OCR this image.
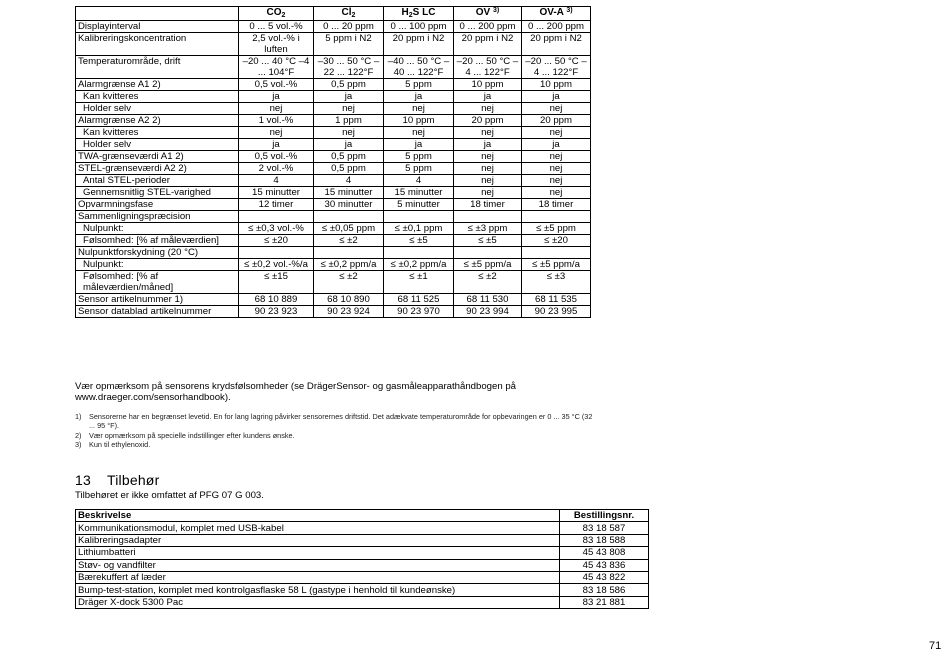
	$CO_2$	$Cl_2$	$H_2S$ LC	OV $^{3)}$	OV-A $^{3)}$
Displayinterval	0 ... 5 vol.-%	0 ... 20 ppm	0 ... 100 ppm	0 ... 200 ppm	0 ... 200 ppm
Kalibreringskoncentration	2,5 vol.-% i luften	5 ppm i N2	20 ppm i N2	20 ppm i N2	20 ppm i N2
Temperaturområde, drift	–20 ... 40 °C –4 ... 104°F	–30 ... 50 °C –22 ... 122°F	–40 ... 50 °C –40 ... 122°F	–20 ... 50 °C –4 ... 122°F	–20 ... 50 °C –4 ... 122°F
Alarmgrænse A1 2)	0,5 vol.-%	0,5 ppm	5 ppm	10 ppm	10 ppm
Kan kvitteres	ja	ja	ja	ja	ja
Holder selv	nej	nej	nej	nej	nej
Alarmgrænse A2 2)	1 vol.-%	1 ppm	10 ppm	20 ppm	20 ppm
Kan kvitteres	nej	nej	nej	nej	nej
Holder selv	ja	ja	ja	ja	ja
TWA-grænseværdi A1 2)	0,5 vol.-%	0,5 ppm	5 ppm	nej	nej
STEL-grænseværdi A2 2)	2 vol.-%	0,5 ppm	5 ppm	nej	nej
Antal STEL-perioder	4	4	4	nej	nej
Gennemsnitlig STEL-varighed	15 minutter	15 minutter	15 minutter	nej	nej
Opvarmningsfase	12 timer	30 minutter	5 minutter	18 timer	18 timer
Sammenligningspræcision					
Nulpunkt:	≤ ±0,3 vol.-%	≤ ±0,05 ppm	≤ ±0,1 ppm	≤ ±3 ppm	≤ ±5 ppm
Følsomhed: [% af måleværdien]	≤ ±20	≤ ±2	≤ ±5	≤ ±5	≤ ±20
Nulpunktforskydning (20 °C)					
Nulpunkt:	≤ ±0,2 vol.-%/a	≤ ±0,2 ppm/a	≤ ±0,2 ppm/a	≤ ±5 ppm/a	≤ ±5 ppm/a
Følsomhed: [% af måleværdien/måned]	≤ ±15	≤ ±2	≤ ±1	≤ ±2	≤ ±3
Sensor artikelnummer 1)	68 10 889	68 10 890	68 11 525	68 11 530	68 11 535
Sensor datablad artikelnummer	90 23 923	90 23 924	90 23 970	90 23 994	90 23 995
Vær opmærksom på sensorens krydsfølsomheder (se DrägerSensor- og gasmåleapparathåndbogen på www.draeger.com/sensorhandbook).
1)	Sensorerne har en begrænset levetid. En for lang lagring påvirker sensorernes driftstid. Det adækvate temperaturområde for opbevaringen er 0 ... 35 °C (32 ... 95 °F).
2)	Vær opmærksom på specielle indstillinger efter kundens ønske.
3)	Kun til ethylenoxid.
13 Tilbehør
Tilbehøret er ikke omfattet af PFG 07 G 003.
Beskrivelse	Bestillingsnr.
Kommunikationsmodul, komplet med USB-kabel	83 18 587
Kalibreringsadapter	83 18 588
Lithiumbatteri	45 43 808
Støv- og vandfilter	45 43 836
Bærekuffert af læder	45 43 822
Bump-test-station, komplet med kontrolgasflaske 58 L (gastype i henhold til kundeønske)	83 18 586
Dräger X-dock 5300 Pac	83 21 881
71
